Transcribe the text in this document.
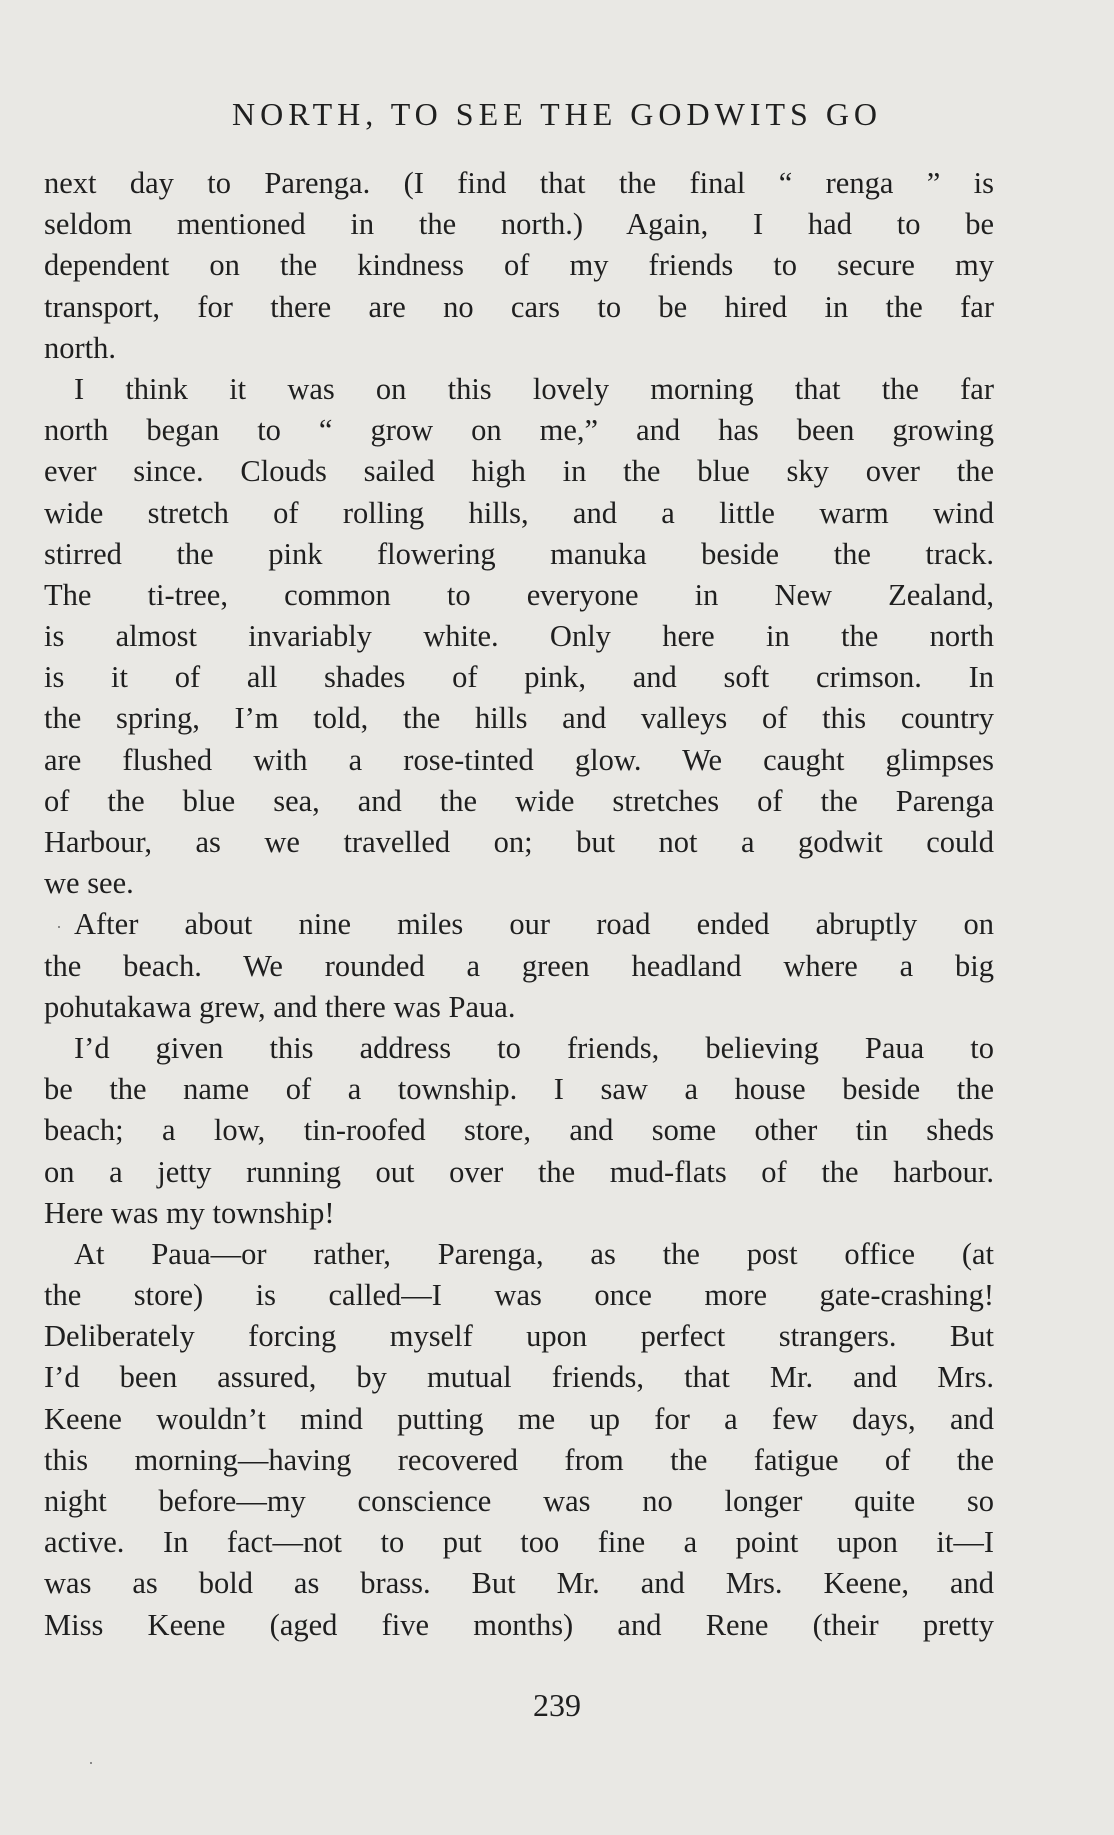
NORTH, TO SEE THE GODWITS GO
next day to Parenga. (I find that the final “ renga ” is
seldom mentioned in the north.) Again, I had to be
dependent on the kindness of my friends to secure my
transport, for there are no cars to be hired in the far
north.
I think it was on this lovely morning that the far
north began to “ grow on me,” and has been growing
ever since. Clouds sailed high in the blue sky over the
wide stretch of rolling hills, and a little warm wind
stirred the pink flowering manuka beside the track.
The ti-tree, common to everyone in New Zealand,
is almost invariably white. Only here in the north
is it of all shades of pink, and soft crimson. In
the spring, I’m told, the hills and valleys of this country
are flushed with a rose-tinted glow. We caught glimpses
of the blue sea, and the wide stretches of the Parenga
Harbour, as we travelled on; but not a godwit could
we see.
After about nine miles our road ended abruptly on
the beach. We rounded a green headland where a big
pohutakawa grew, and there was Paua.
I’d given this address to friends, believing Paua to
be the name of a township. I saw a house beside the
beach; a low, tin-roofed store, and some other tin sheds
on a jetty running out over the mud-flats of the harbour.
Here was my township!
At Paua—or rather, Parenga, as the post office (at
the store) is called—I was once more gate-crashing!
Deliberately forcing myself upon perfect strangers. But
I’d been assured, by mutual friends, that Mr. and Mrs.
Keene wouldn’t mind putting me up for a few days, and
this morning—having recovered from the fatigue of the
night before—my conscience was no longer quite so
active. In fact—not to put too fine a point upon it—I
was as bold as brass. But Mr. and Mrs. Keene, and
Miss Keene (aged five months) and Rene (their pretty
239
